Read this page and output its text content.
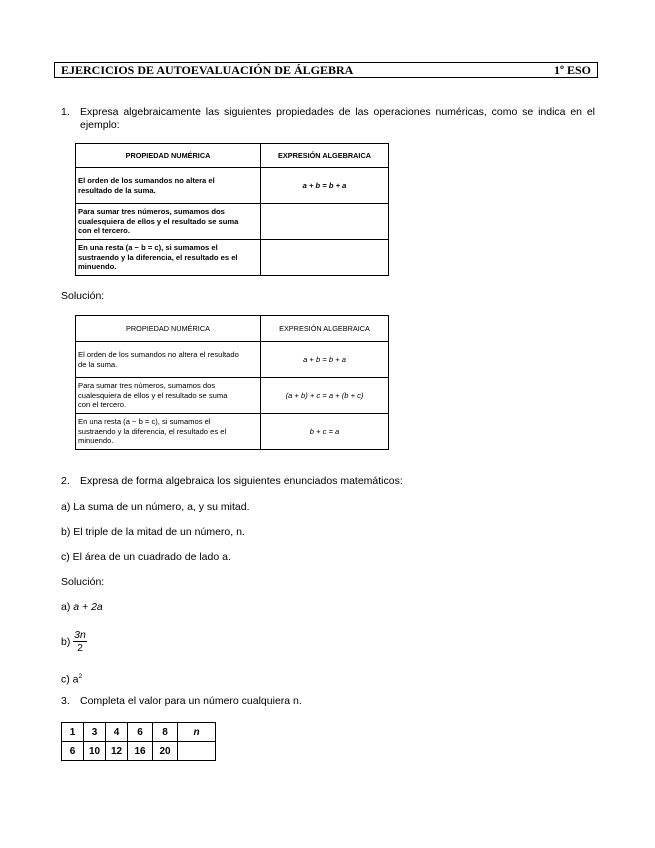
EJERCICIOS DE AUTOEVALUACIÓN DE ÁLGEBRA	1º ESO
1. Expresa algebraicamente las siguientes propiedades de las operaciones numéricas, como se indica en el
ejemplo:
PROPIEDAD NUMÉRICA	EXPRESIÓN ALGEBRAICA

El orden de los sumandos no altera el
resultado de la suma.	a + b = b + a

Para sumar tres números, sumamos dos
cualesquiera de ellos y el resultado se suma
con el tercero.	

En una resta (a − b = c), si sumamos el
sustraendo y la diferencia, el resultado es el
minuendo.	

Solución:
PROPIEDAD NUMÉRICA	EXPRESIÓN ALGEBRAICA

El orden de los sumandos no altera el resultado
de la suma.	a + b = b + a

Para sumar tres números, sumamos dos
cualesquiera de ellos y el resultado se suma
con el tercero.	(a + b) + c = a + (b + c)

En una resta (a − b = c), si sumamos el
sustraendo y la diferencia, el resultado es el
minuendo.	b + c = a
2. Expresa de forma algebraica los siguientes enunciados matemáticos:
a) La suma de un número, a, y su mitad.
b) El triple de la mitad de un número, n.
c) El área de un cuadrado de lado a.
Solución:
a) a + 2a
$b) \frac{3n}{2}$
c) $a^2$
3. Completa el valor para un número cualquiera n.
1	3	4	6	8	n
6	10	12	16	20	
